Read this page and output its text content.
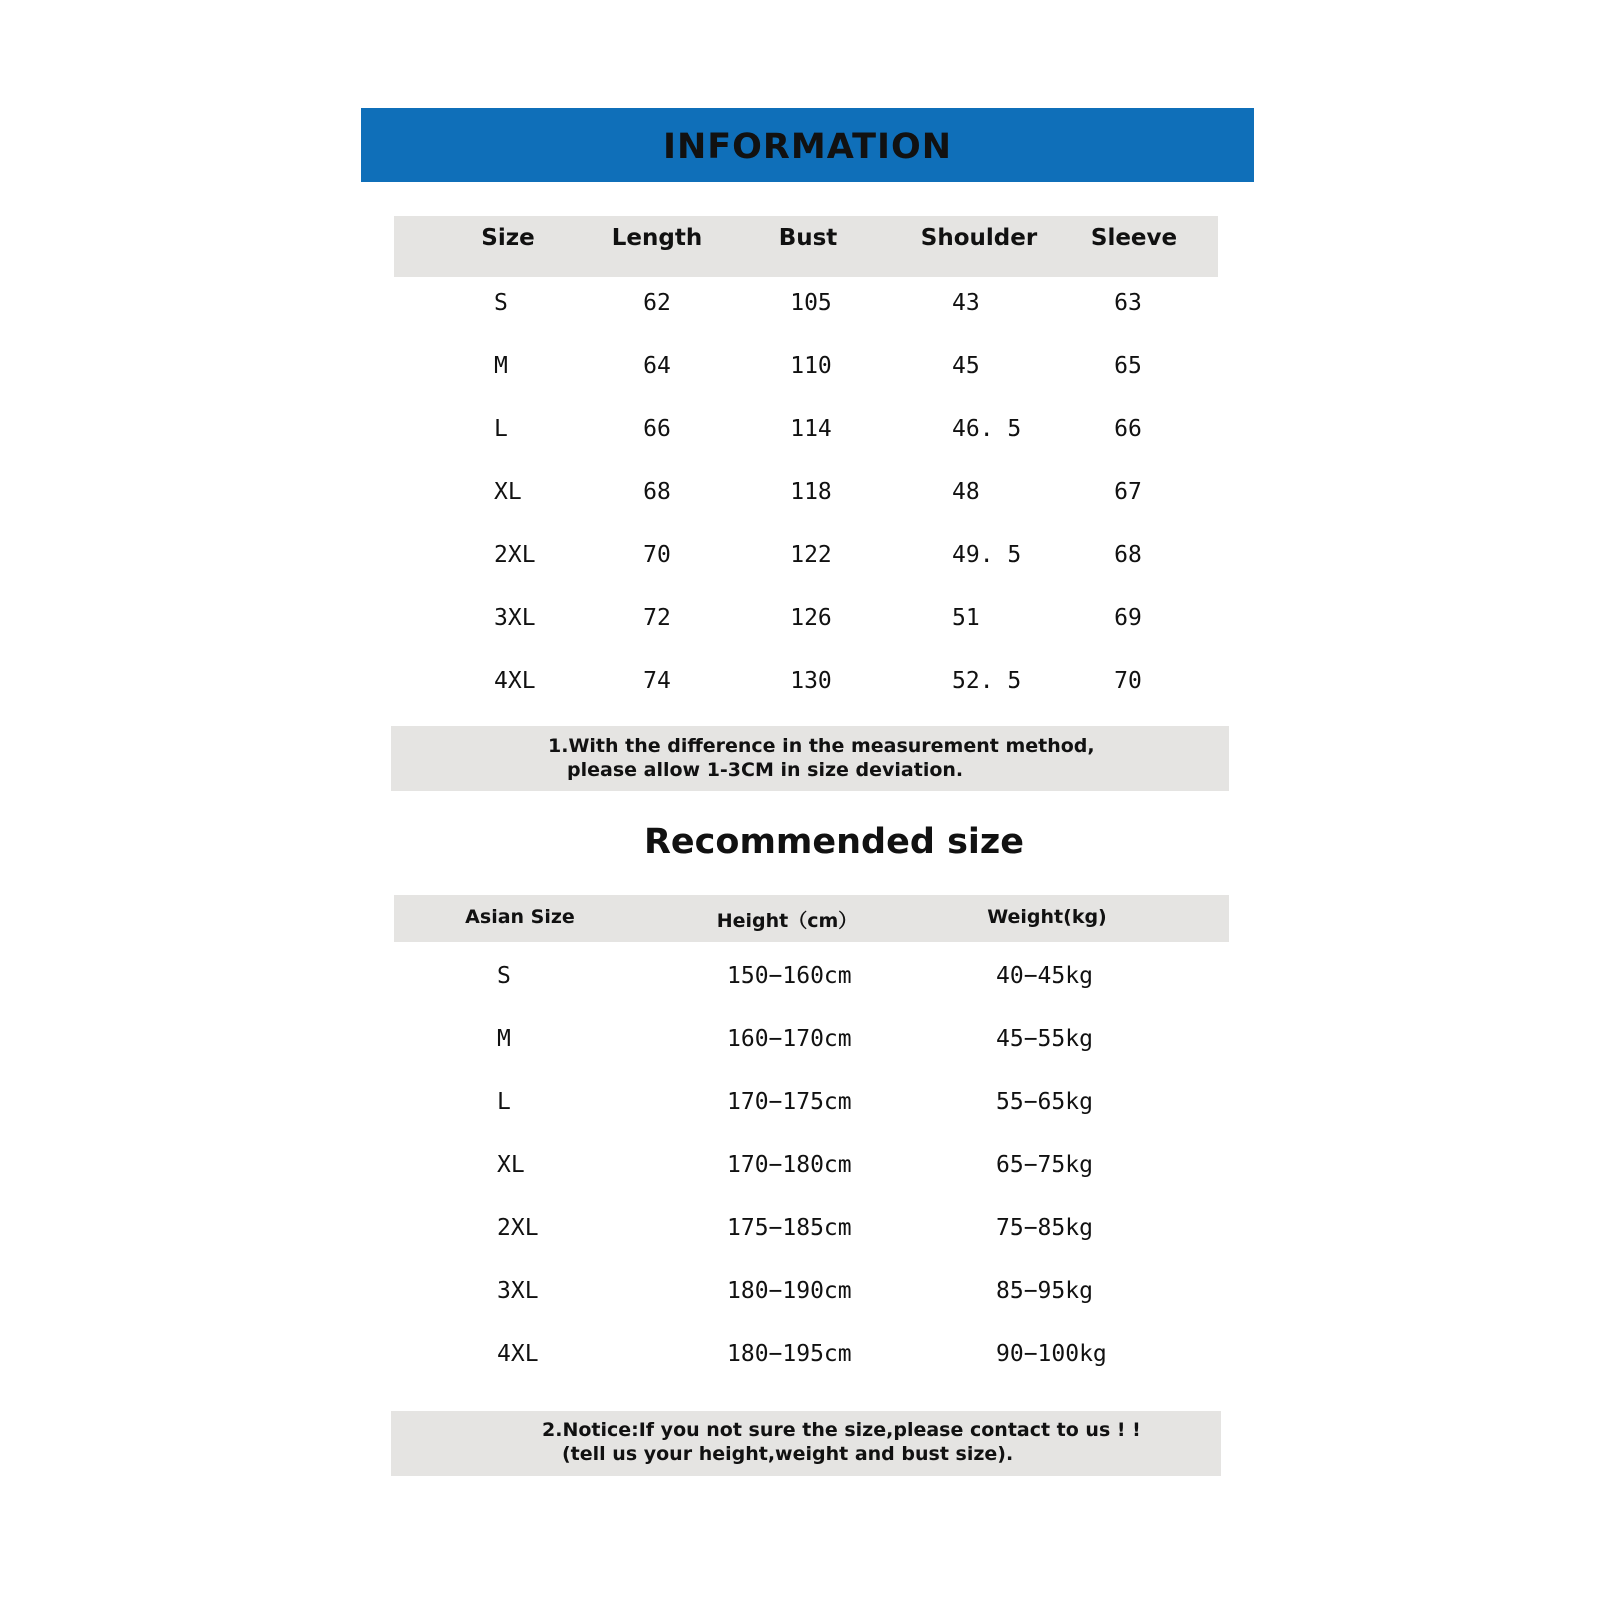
INFORMATION
Size	Length	Bust	Shoulder Sleeve
S	62	105	43	63
M	64	110	45	65
L	66	114	46. 5	66
XL	68	118	48	67
2XL	70	122	49. 5	68
3XL	72	126	51	69
4XL	74	130	52. 5	70
1.With the difference in the measurement method,
please allow 1-3CM in size deviation.
Recommended size
Asian Size	Height（cm）	Weight(kg)
S	150−160cm	40−45kg
M	160−170cm	45−55kg
L	170−175cm	55−65kg
XL	170−180cm	65−75kg
2XL	175−185cm	75−85kg
3XL	180−190cm	85−95kg
4XL	180−195cm	90−100kg
2.Notice:If you not sure the size,please contact to us ! !
(tell us your height,weight and bust size).
